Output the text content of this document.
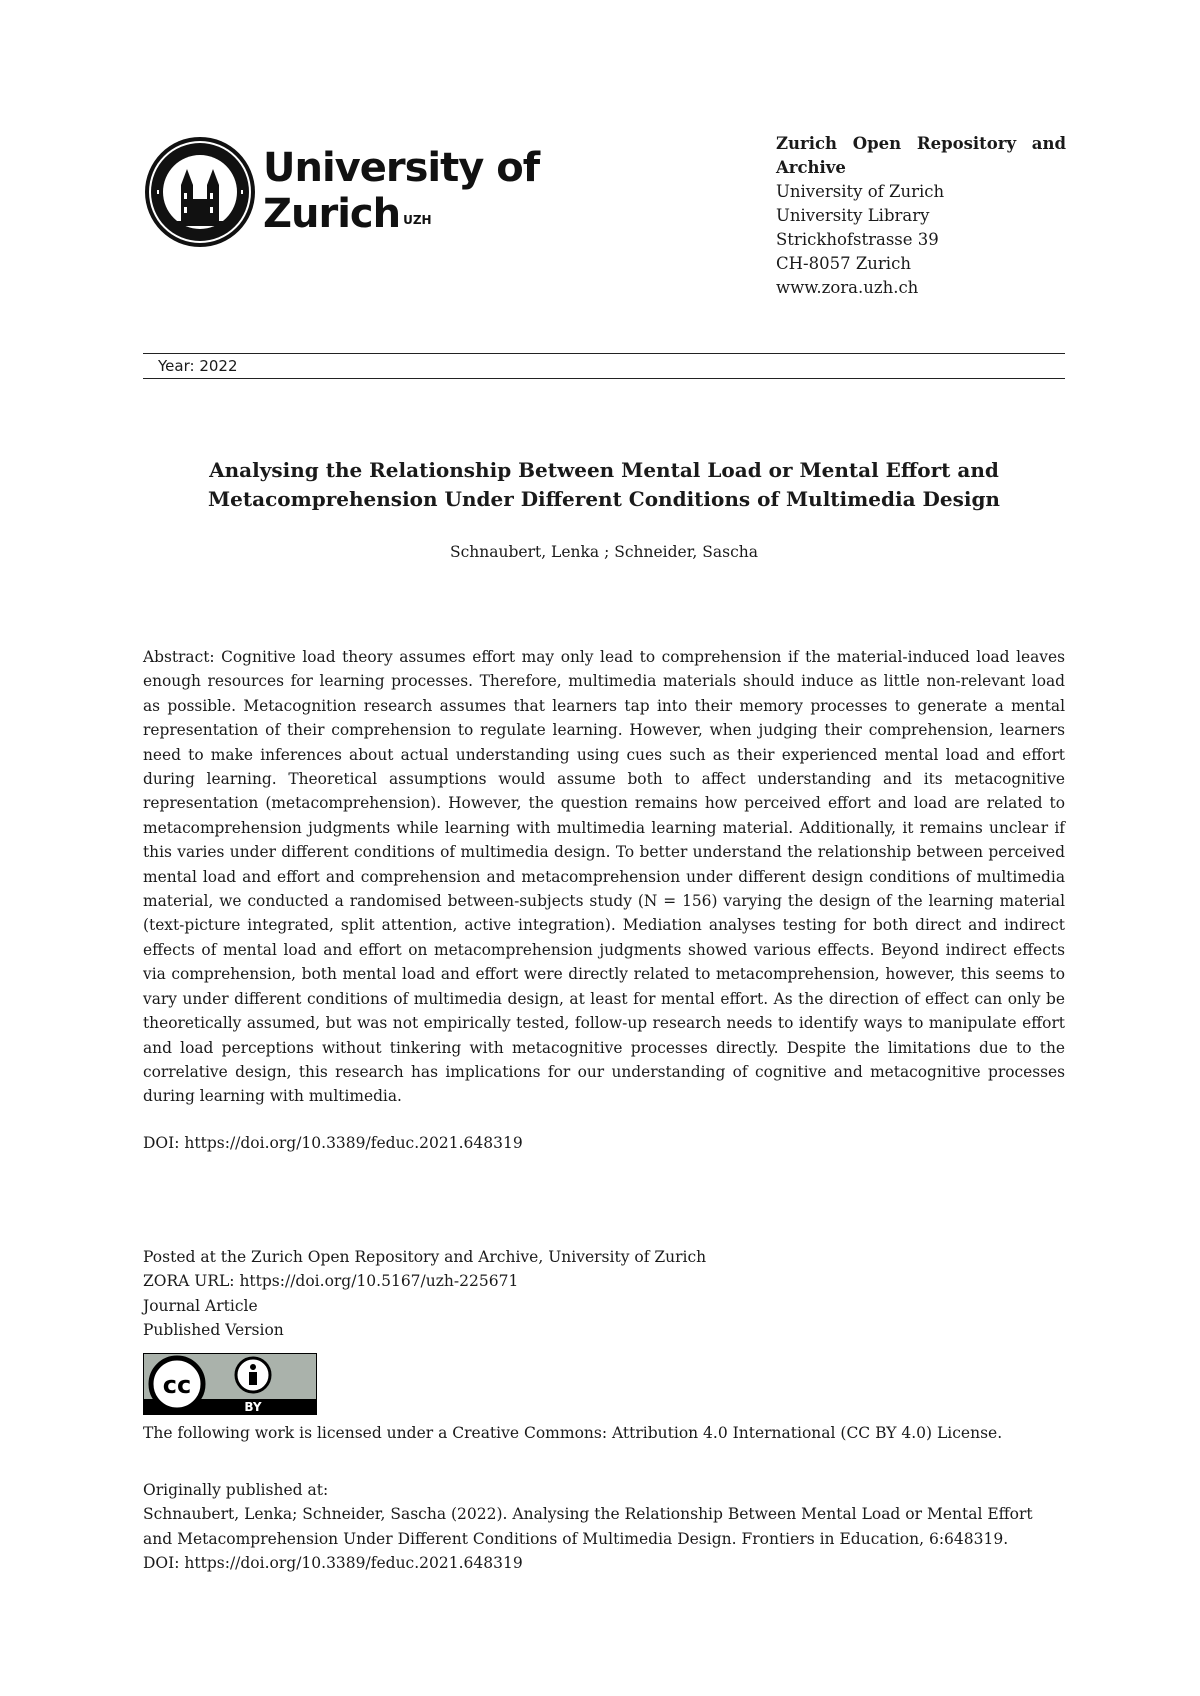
University of
Zurich $^{UZH}$
Zurich Open Repository and Archive
University of Zurich
University Library
Strickhofstrasse 39
CH-8057 Zurich
www.zora.uzh.ch
Year: 2022
Analysing the Relationship Between Mental Load or Mental Effort and Metacomprehension Under Different Conditions of Multimedia Design
Schnaubert, Lenka ; Schneider, Sascha
Abstract: Cognitive load theory assumes effort may only lead to comprehension if the material-induced load leaves enough resources for learning processes. Therefore, multimedia materials should induce as little non-relevant load as possible. Metacognition research assumes that learners tap into their memory processes to generate a mental representation of their comprehension to regulate learning. However, when judging their comprehension, learners need to make inferences about actual understanding using cues such as their experienced mental load and effort during learning. Theoretical assumptions would assume both to affect understanding and its metacognitive representation (metacomprehension). However, the question remains how perceived effort and load are related to metacomprehension judgments while learning with multimedia learning material. Additionally, it remains unclear if this varies under different conditions of multimedia design. To better understand the relationship between perceived mental load and effort and comprehension and metacomprehension under different design conditions of multimedia material, we conducted a randomised between-subjects study (N = 156) varying the design of the learning material (text-picture integrated, split attention, active integration). Mediation analyses testing for both direct and indirect effects of mental load and effort on metacomprehension judgments showed various effects. Beyond indirect effects via comprehension, both mental load and effort were directly related to metacomprehension, however, this seems to vary under different conditions of multimedia design, at least for mental effort. As the direction of effect can only be theoretically assumed, but was not empirically tested, follow-up research needs to identify ways to manipulate effort and load perceptions without tinkering with metacognitive processes directly. Despite the limitations due to the correlative design, this research has implications for our understanding of cognitive and metacognitive processes during learning with multimedia.
DOI: https://doi.org/10.3389/feduc.2021.648319
Posted at the Zurich Open Repository and Archive, University of Zurich
ZORA URL: https://doi.org/10.5167/uzh-225671
Journal Article
Published Version
cc
BY
The following work is licensed under a Creative Commons: Attribution 4.0 International (CC BY 4.0) License.
Originally published at:
Schnaubert, Lenka; Schneider, Sascha (2022). Analysing the Relationship Between Mental Load or Mental Effort
and Metacomprehension Under Different Conditions of Multimedia Design. Frontiers in Education, 6:648319.
DOI: https://doi.org/10.3389/feduc.2021.648319
